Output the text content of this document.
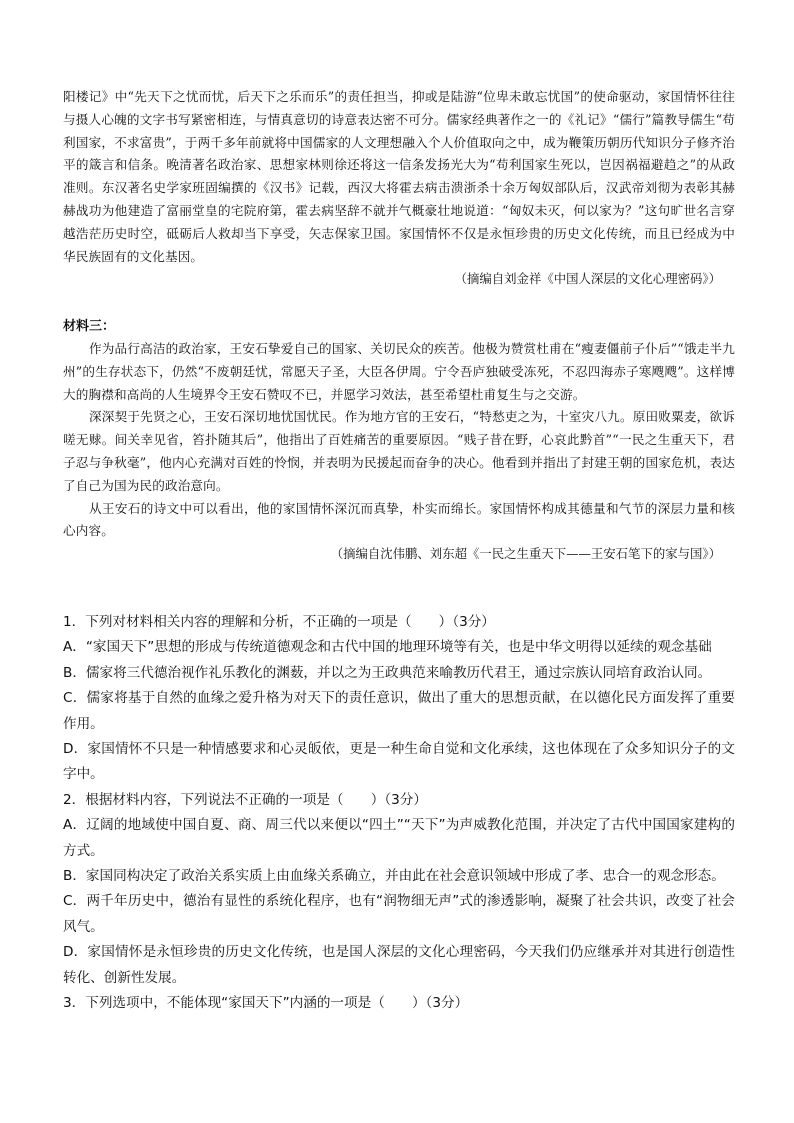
阳楼记》中“先天下之忧而忧，后天下之乐而乐”的责任担当，抑或是陆游“位卑未敢忘忧国”的使命驱动，家国情怀往往与摄人心魄的文字书写紧密相连，与情真意切的诗意表达密不可分。儒家经典著作之一的《礼记》“儒行”篇教导儒生“苟利国家，不求富贵”，于两千多年前就将中国儒家的人文理想融入个人价值取向之中，成为鞭策历朝历代知识分子修齐治平的箴言和信条。晚清著名政治家、思想家林则徐还将这一信条发扬光大为“苟利国家生死以，岂因祸福避趋之”的从政准则。东汉著名史学家班固编撰的《汉书》记载，西汉大将霍去病击溃浙杀十余万匈奴部队后，汉武帝刘彻为表彰其赫赫战功为他建造了富丽堂皇的宅院府第，霍去病坚辞不就并气概豪壮地说道：“匈奴未灭，何以家为？”这句旷世名言穿越浩茫历史时空，砥砺后人救却当下享受，矢志保家卫国。家国情怀不仅是永恒珍贵的历史文化传统，而且已经成为中华民族固有的文化基因。

（摘编自刘金祥《中国人深层的文化心理密码》）

材料三：

作为品行高洁的政治家，王安石挚爱自己的国家、关切民众的疾苦。他极为赞赏杜甫在“瘦妻僵前子仆后”“饿走半九州”的生存状态下，仍然“不废朝廷忧，常愿天子圣，大臣各伊周。宁令吾庐独破受冻死，不忍四海赤子寒飕飕”。这样博大的胸襟和高尚的人生境界令王安石赞叹不已，并愿学习效法，甚至希望杜甫复生与之交游。

深深契于先贤之心，王安石深切地忧国忧民。作为地方官的王安石，“特愁吏之为，十室灾八九。原田败粟麦，欲诉嗟无赇。间关幸见省，笞扑随其后”，他指出了百姓痛苦的重要原因。“贱子昔在野，心哀此黔首”“一民之生重天下，君子忍与争秋毫”，他内心充满对百姓的怜悯，并表明为民援起而奋争的决心。他看到并指出了封建王朝的国家危机，表达了自己为国为民的政治意向。

从王安石的诗文中可以看出，他的家国情怀深沉而真挚，朴实而绵长。家国情怀构成其德量和气节的深层力量和核心内容。

（摘编自沈伟鹏、刘东超《一民之生重天下——王安石笔下的家与国》）

1．下列对材料相关内容的理解和分析，不正确的一项是（　　）（3分）

A．“家国天下”思想的形成与传统道德观念和古代中国的地理环境等有关，也是中华文明得以延续的观念基础

B．儒家将三代德治视作礼乐教化的渊薮，并以之为王政典范来喻教历代君王，通过宗族认同培育政治认同。

C．儒家将基于自然的血缘之爱升格为对天下的责任意识，做出了重大的思想贡献，在以德化民方面发挥了重要作用。

D．家国情怀不只是一种情感要求和心灵皈依，更是一种生命自觉和文化承续，这也体现在了众多知识分子的文字中。

2．根据材料内容，下列说法不正确的一项是（　　）（3分）

A．辽阔的地域使中国自夏、商、周三代以来便以“四土”“天下”为声威教化范围，并决定了古代中国国家建构的方式。

B．家国同构决定了政治关系实质上由血缘关系确立，并由此在社会意识领域中形成了孝、忠合一的观念形态。

C．两千年历史中，德治有显性的系统化程序，也有“润物细无声”式的渗透影响，凝聚了社会共识，改变了社会风气。

D．家国情怀是永恒珍贵的历史文化传统，也是国人深层的文化心理密码，今天我们仍应继承并对其进行创造性转化、创新性发展。

3．下列选项中，不能体现“家国天下”内涵的一项是（　　）（3分）
